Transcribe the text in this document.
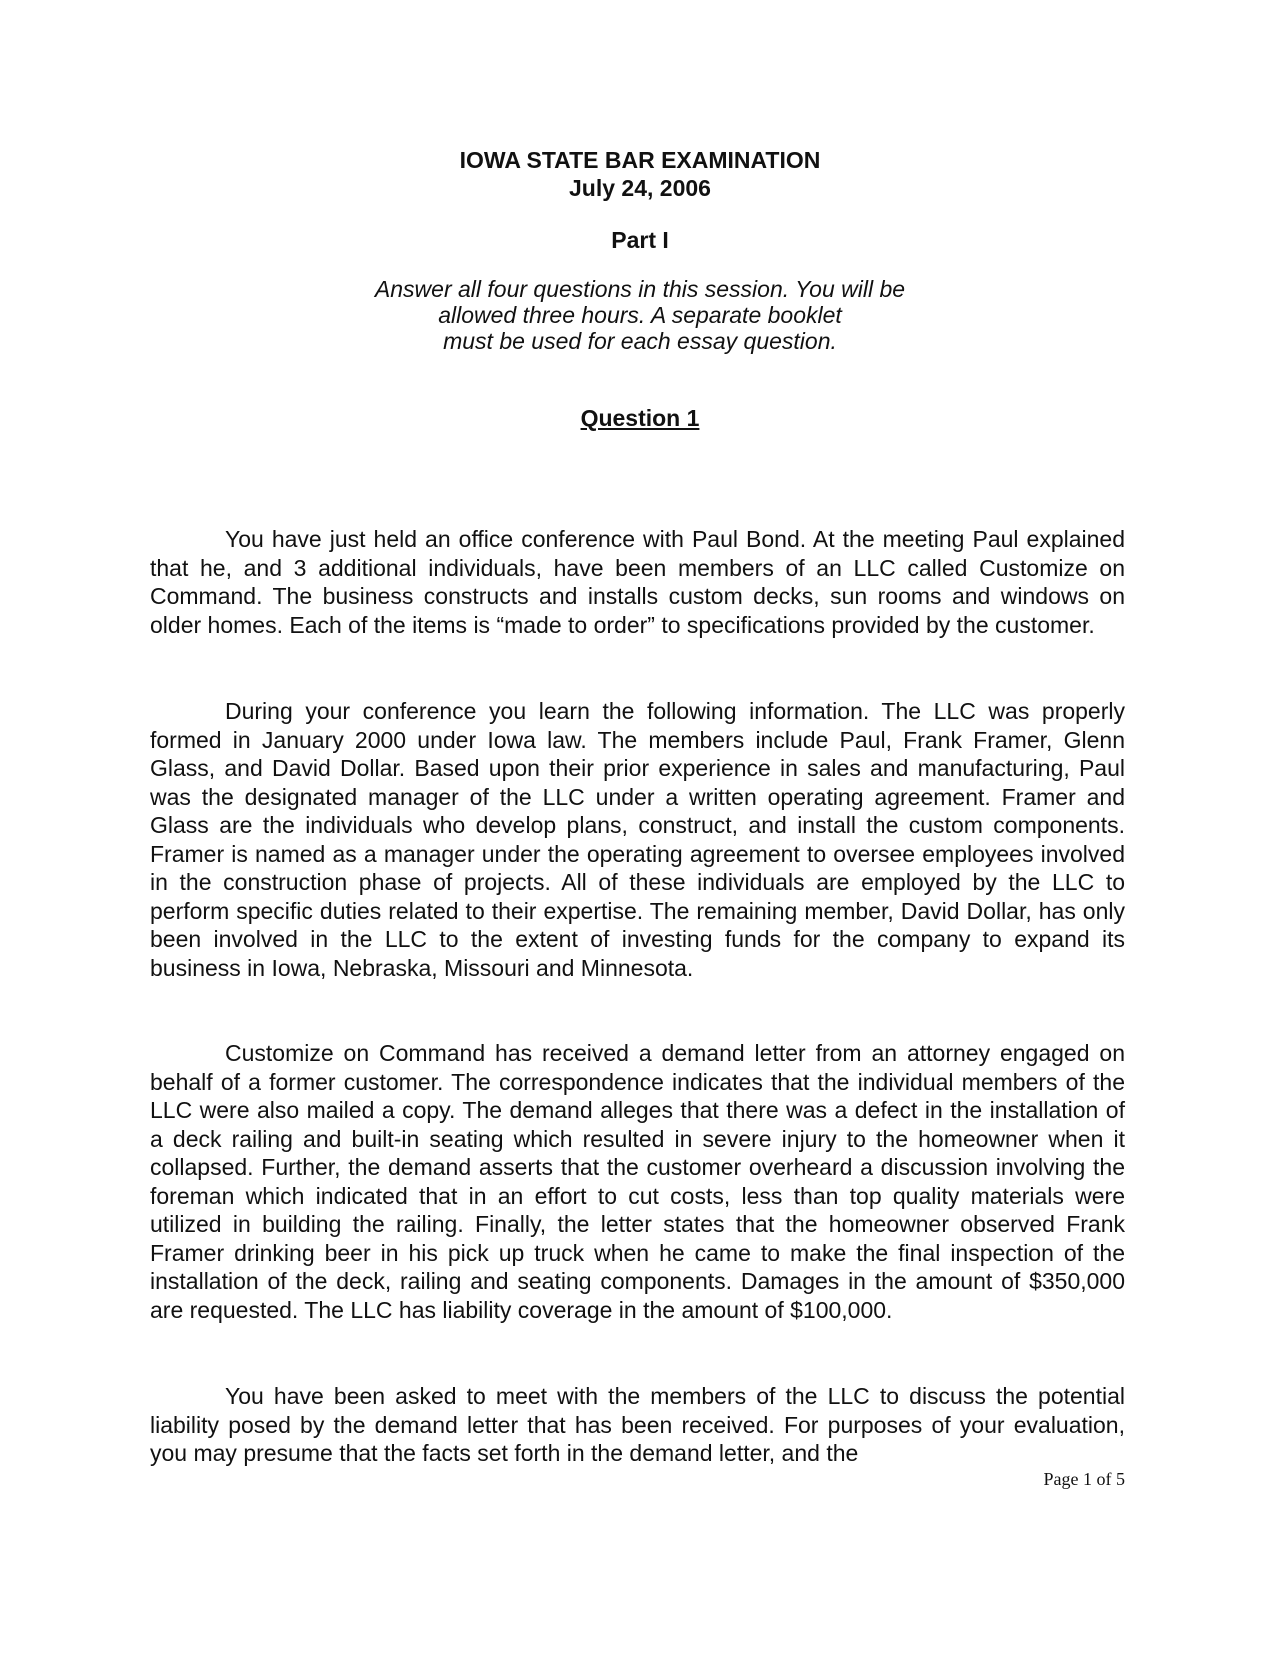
IOWA STATE BAR EXAMINATION
July 24, 2006
Part I
Answer all four questions in this session. You will be
allowed three hours. A separate booklet
must be used for each essay question.
Question 1

You have just held an office conference with Paul Bond. At the meeting Paul explained that he, and 3 additional individuals, have been members of an LLC called Customize on Command. The business constructs and installs custom decks, sun rooms and windows on older homes. Each of the items is “made to order” to specifications provided by the customer.

During your conference you learn the following information. The LLC was properly formed in January 2000 under Iowa law. The members include Paul, Frank Framer, Glenn Glass, and David Dollar. Based upon their prior experience in sales and manufacturing, Paul was the designated manager of the LLC under a written operating agreement. Framer and Glass are the individuals who develop plans, construct, and install the custom components. Framer is named as a manager under the operating agreement to oversee employees involved in the construction phase of projects. All of these individuals are employed by the LLC to perform specific duties related to their expertise. The remaining member, David Dollar, has only been involved in the LLC to the extent of investing funds for the company to expand its business in Iowa, Nebraska, Missouri and Minnesota.

Customize on Command has received a demand letter from an attorney engaged on behalf of a former customer. The correspondence indicates that the individual members of the LLC were also mailed a copy. The demand alleges that there was a defect in the installation of a deck railing and built-in seating which resulted in severe injury to the homeowner when it collapsed. Further, the demand asserts that the customer overheard a discussion involving the foreman which indicated that in an effort to cut costs, less than top quality materials were utilized in building the railing. Finally, the letter states that the homeowner observed Frank Framer drinking beer in his pick up truck when he came to make the final inspection of the installation of the deck, railing and seating components. Damages in the amount of $350,000 are requested. The LLC has liability coverage in the amount of $100,000.

You have been asked to meet with the members of the LLC to discuss the potential liability posed by the demand letter that has been received. For purposes of your evaluation, you may presume that the facts set forth in the demand letter, and the

Page 1 of 5
